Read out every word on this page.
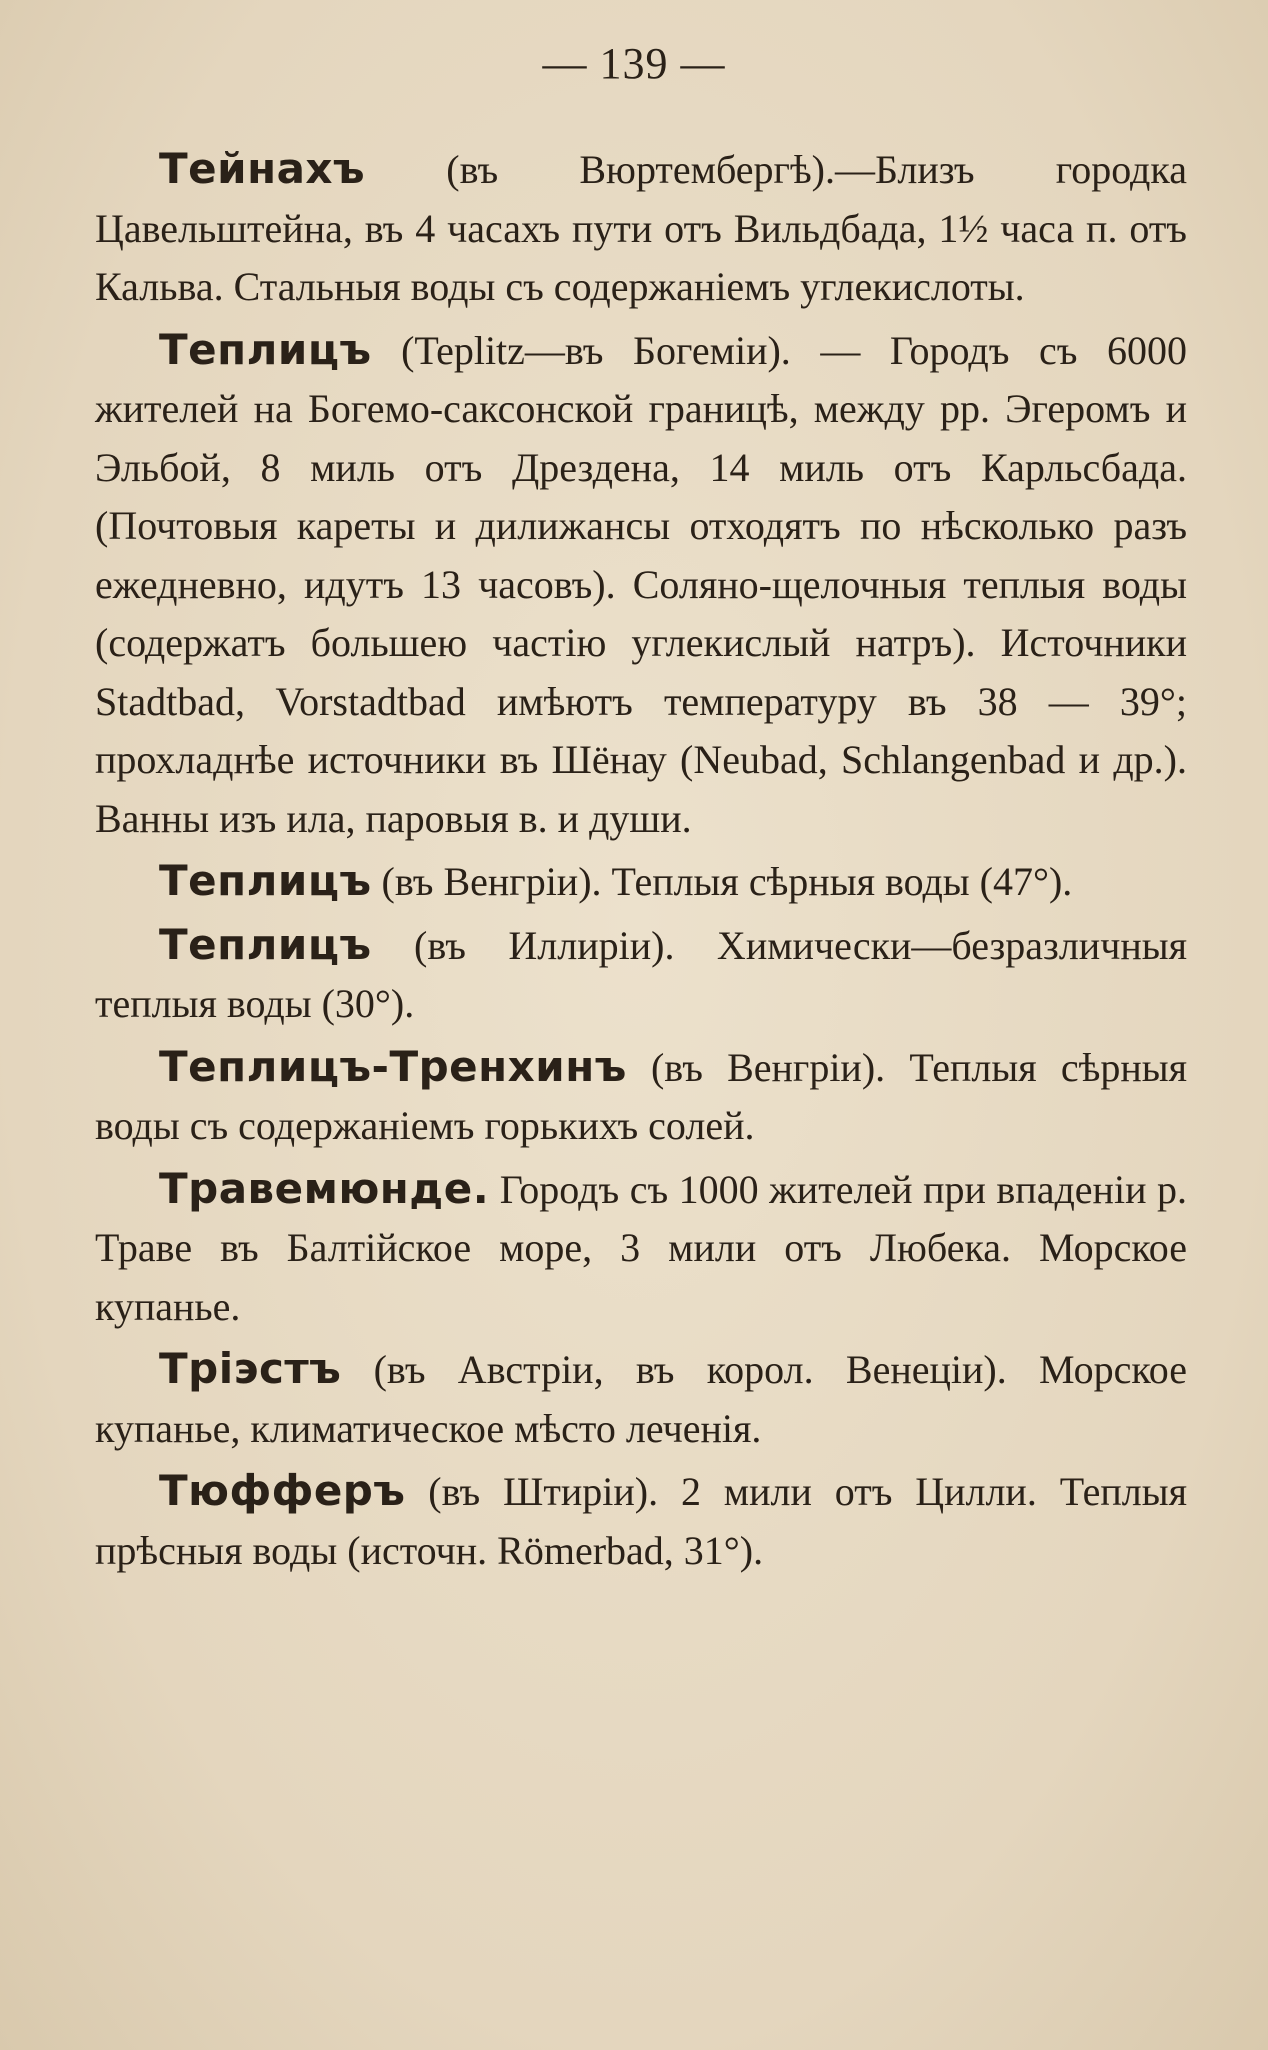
— 139 —

Тейнахъ (въ Вюртембергѣ).—Близъ городка Цавельштейна, въ 4 часахъ пути отъ Вильдбада, 1½ часа п. отъ Кальва. Стальныя воды съ содержанiемъ углекислоты.

Теплицъ (Teplitz—въ Богемiи). — Городъ съ 6000 жителей на Богемо-саксонской границѣ, между рр. Эгеромъ и Эльбой, 8 миль отъ Дрездена, 14 миль отъ Карльсбада. (Почтовыя кареты и дилижансы отходятъ по нѣсколько разъ ежедневно, идутъ 13 часовъ). Соляно-щелочныя теплыя воды (содержатъ большею частiю углекислый натръ). Источники Stadtbad, Vorstadtbad имѣютъ температуру въ 38 — 39°; прохладнѣе источники въ Шёнау (Neubad, Schlangenbad и др.). Ванны изъ ила, паровыя в. и души.

Теплицъ (въ Венгрiи). Теплыя сѣрныя воды (47°).

Теплицъ (въ Иллирiи). Химически—безразличныя теплыя воды (30°).

Теплицъ-Тренхинъ (въ Венгрiи). Теплыя сѣрныя воды съ содержанiемъ горькихъ солей.

Травемюнде. Городъ съ 1000 жителей при впаденiи р. Траве въ Балтiйское море, 3 мили отъ Любека. Морское купанье.

Трiэстъ (въ Австрiи, въ корол. Венецiи). Морское купанье, климатическое мѣсто леченiя.

Тюфферъ (въ Штирiи). 2 мили отъ Цилли. Теплыя прѣсныя воды (источн. Römerbad, 31°).
